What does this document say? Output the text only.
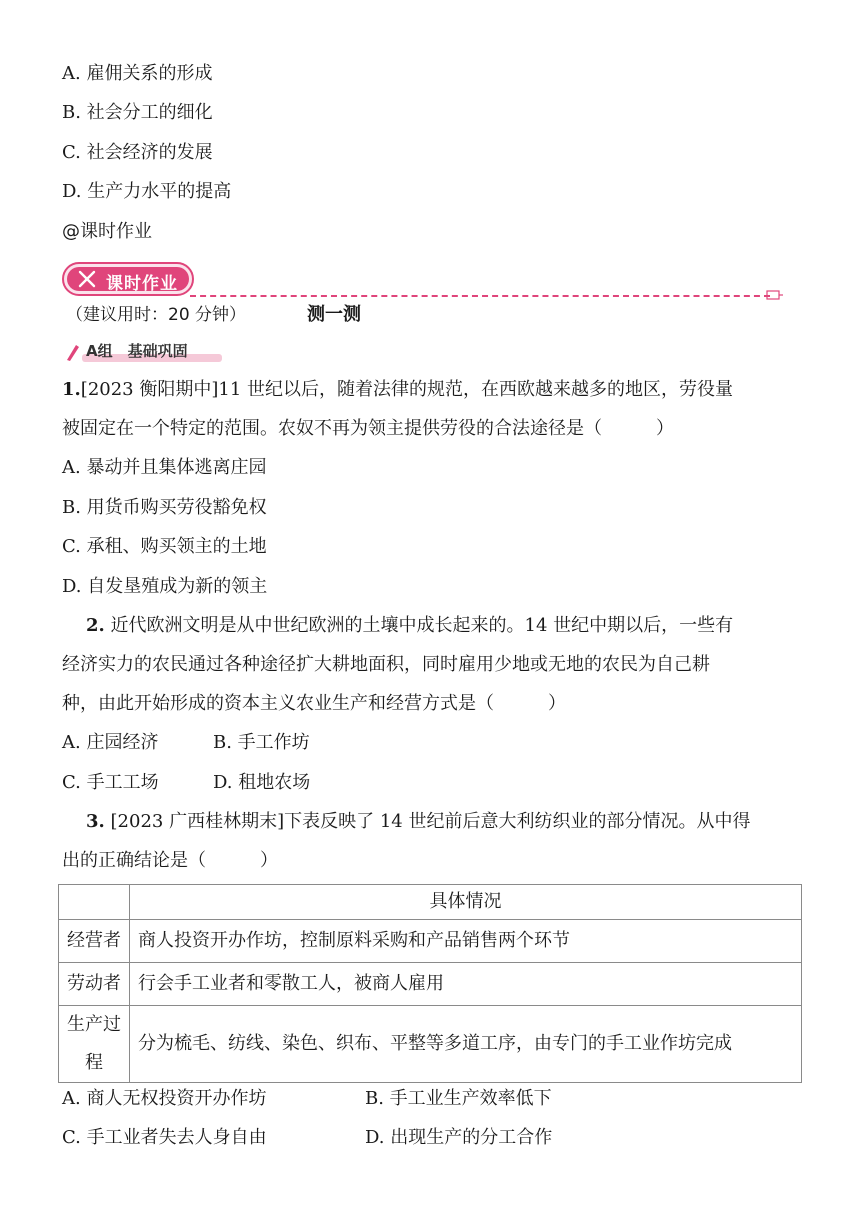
A. 雇佣关系的形成
B. 社会分工的细化
C. 社会经济的发展
D. 生产力水平的提高
@课时作业
课时作业
（建议用时：20 分钟）	测一测
A组　基础巩固
1.[2023 衡阳期中]11 世纪以后，随着法律的规范，在西欧越来越多的地区，劳役量
被固定在一个特定的范围。农奴不再为领主提供劳役的合法途径是（　　　）
A. 暴动并且集体逃离庄园
B. 用货币购买劳役豁免权
C. 承租、购买领主的土地
D. 自发垦殖成为新的领主
2. 近代欧洲文明是从中世纪欧洲的土壤中成长起来的。14 世纪中期以后，一些有
经济实力的农民通过各种途径扩大耕地面积，同时雇用少地或无地的农民为自己耕
种，由此开始形成的资本主义农业生产和经营方式是（　　　）
A. 庄园经济	B. 手工作坊
C. 手工工场	D. 租地农场
3. [2023 广西桂林期末]下表反映了 14 世纪前后意大利纺织业的部分情况。从中得
出的正确结论是（　　　）
	具体情况
经营者	商人投资开办作坊，控制原料采购和产品销售两个环节
劳动者	行会手工业者和零散工人，被商人雇用
生产过程	分为梳毛、纺线、染色、织布、平整等多道工序，由专门的手工业作坊完成
A. 商人无权投资开办作坊	B. 手工业生产效率低下
C. 手工业者失去人身自由	D. 出现生产的分工合作
